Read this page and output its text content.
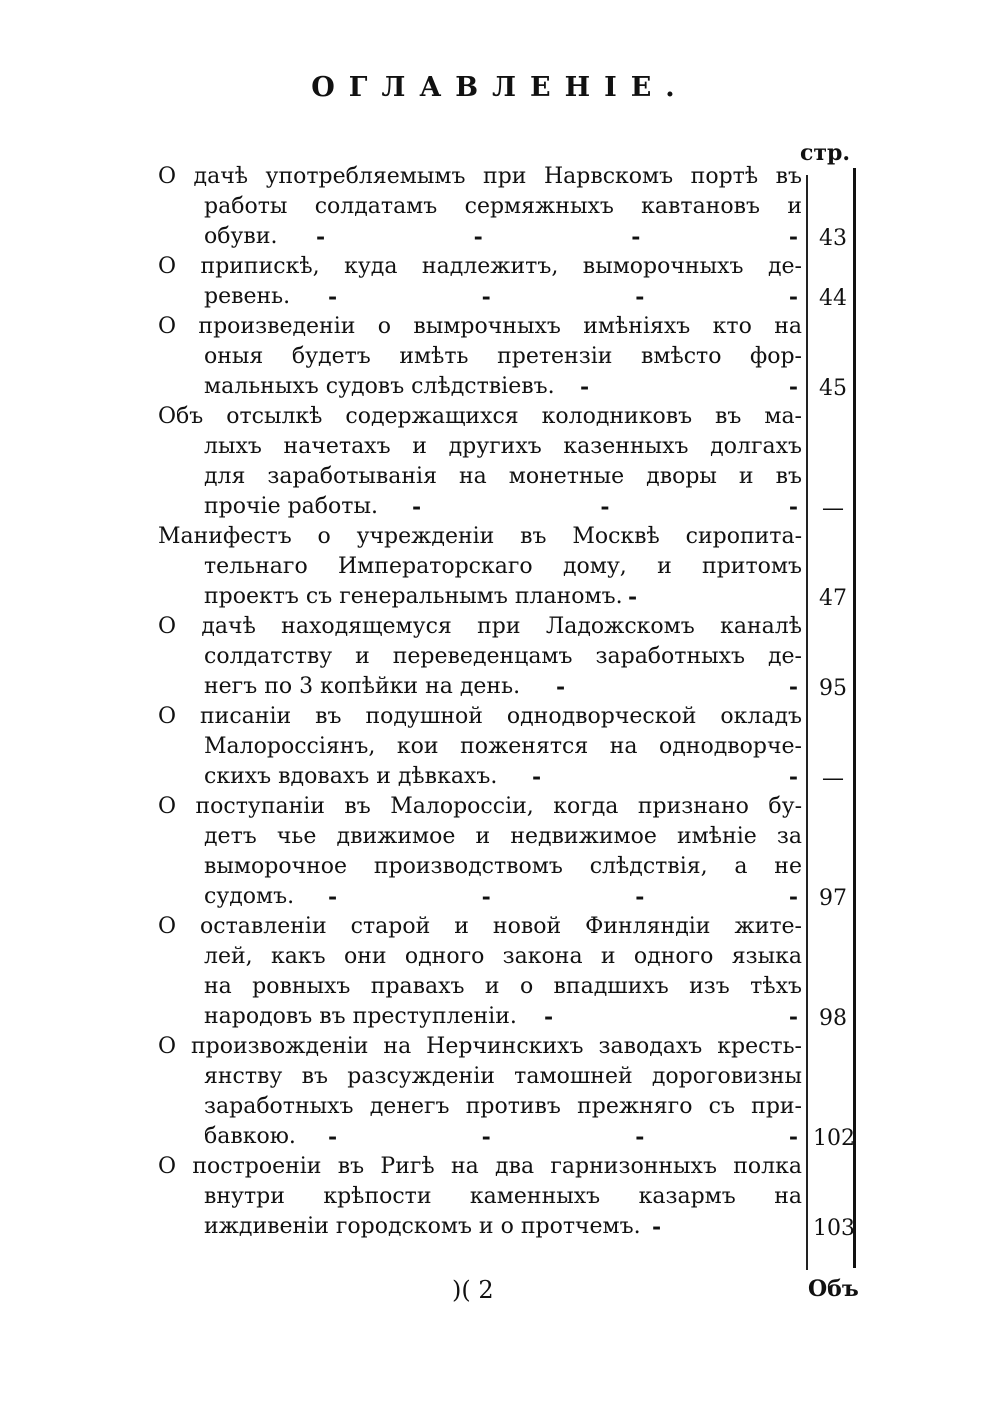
ОГЛАВЛЕНІЕ.
стр.
О дачѣ употребляемымъ при Нарвскомъ портѣ въ
работы солдатамъ сермяжныхъ кавтановъ и
обуви.	-	-	-	- 43
О припискѣ, куда надлежитъ, выморочныхъ де-
ревень.	-	-	-	- 44
О произведеніи о вымрочныхъ имѣніяхъ кто на
оныя будетъ имѣть претензіи вмѣсто фор-
мальныхъ судовъ слѣдствіевъ.	-	- 45
Объ отсылкѣ содержащихся колодниковъ въ ма-
лыхъ начетахъ и другихъ казенныхъ долгахъ
для заработыванія на монетные дворы и въ
прочіе работы.	-	-	-	—
Манифестъ о учрежденіи въ Москвѣ сиропита-
тельнаго Императорскаго дому, и притомъ
проектъ съ генеральнымъ планомъ. -	47
О дачѣ находящемуся при Ладожскомъ каналѣ
солдатству и переведенцамъ заработныхъ де-
негъ по 3 копѣйки на день.	-	- 95
О писаніи въ подушной однодворческой окладъ
Малороссіянъ, кои поженятся на однодворче-
скихъ вдовахъ и дѣвкахъ.	-	-	—
О поступаніи въ Малороссіи, когда признано бу-
детъ чье движимое и недвижимое имѣніе за
выморочное производствомъ слѣдствія, а не
судомъ.	-	-	-	- 97
О оставленіи старой и новой Финляндіи жите-
лей, какъ они одного закона и одного языка
на ровныхъ правахъ и о впадшихъ изъ тѣхъ
народовъ въ преступленіи.	-	- 98
О произвожденіи на Нерчинскихъ заводахъ кресть-
янству въ разсужденіи тамошней дороговизны
заработныхъ денегъ противъ прежняго съ при-
бавкою.	-	-	-	- 102
О построеніи въ Ригѣ на два гарнизонныхъ полка
внутри крѣпости каменныхъ казармъ на
иждивеніи городскомъ и о протчемъ. -	103
)( 2	Объ
